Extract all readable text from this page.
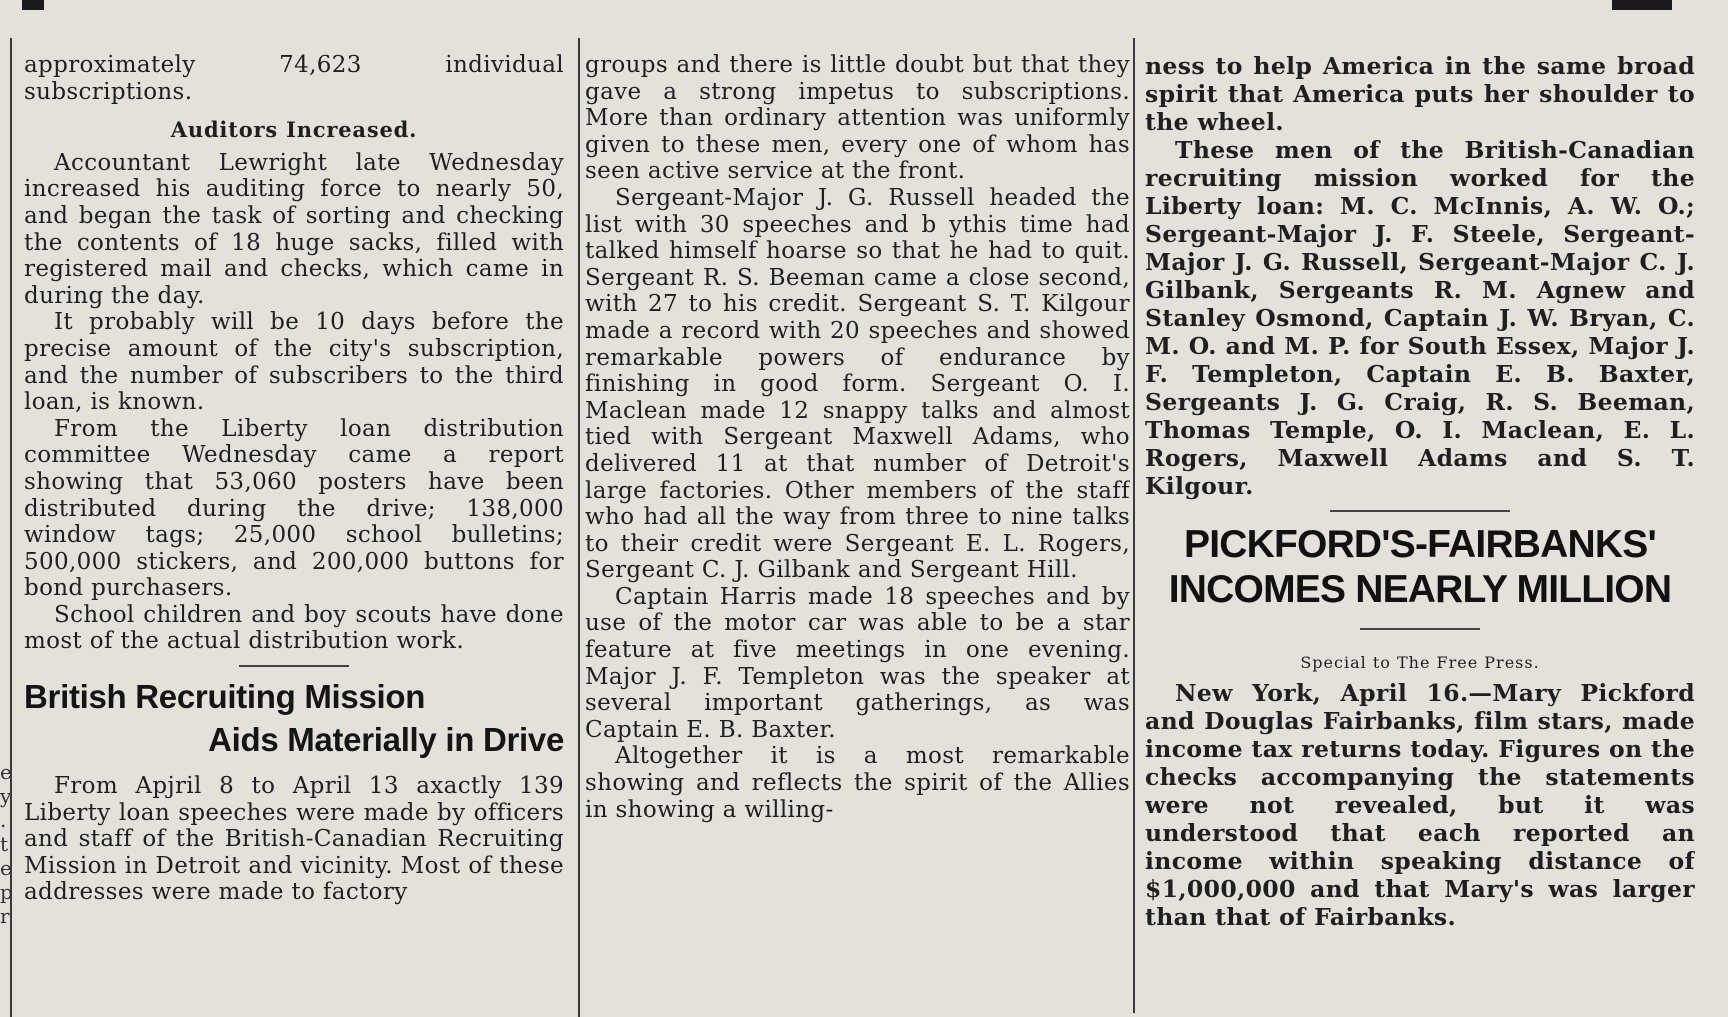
e
y
.
t
e
p
r

approximately 74,623 individual subscriptions.

Auditors Increased.

Accountant Lewright late Wednesday increased his auditing force to nearly 50, and began the task of sorting and checking the contents of 18 huge sacks, filled with registered mail and checks, which came in during the day.

It probably will be 10 days before the precise amount of the city's subscription, and the number of subscribers to the third loan, is known.

From the Liberty loan distribution committee Wednesday came a report showing that 53,060 posters have been distributed during the drive; 138,000 window tags; 25,000 school bulletins; 500,000 stickers, and 200,000 buttons for bond purchasers.

School children and boy scouts have done most of the actual distribution work.

British Recruiting Mission
Aids Materially in Drive

From Apjril 8 to April 13 axactly 139 Liberty loan speeches were made by officers and staff of the British-Canadian Recruiting Mission in Detroit and vicinity. Most of these addresses were made to factory

groups and there is little doubt but that they gave a strong impetus to subscriptions. More than ordinary attention was uniformly given to these men, every one of whom has seen active service at the front.

Sergeant-Major J. G. Russell headed the list with 30 speeches and b ythis time had talked himself hoarse so that he had to quit. Sergeant R. S. Beeman came a close second, with 27 to his credit. Sergeant S. T. Kilgour made a record with 20 speeches and showed remarkable powers of endurance by finishing in good form. Sergeant O. I. Maclean made 12 snappy talks and almost tied with Sergeant Maxwell Adams, who delivered 11 at that number of Detroit's large factories. Other members of the staff who had all the way from three to nine talks to their credit were Sergeant E. L. Rogers, Sergeant C. J. Gilbank and Sergeant Hill.

Captain Harris made 18 speeches and by use of the motor car was able to be a star feature at five meetings in one evening. Major J. F. Templeton was the speaker at several important gatherings, as was Captain E. B. Baxter.

Altogether it is a most remarkable showing and reflects the spirit of the Allies in showing a willing-

ness to help America in the same broad spirit that America puts her shoulder to the wheel.

These men of the British-Canadian recruiting mission worked for the Liberty loan: M. C. McInnis, A. W. O.; Sergeant-Major J. F. Steele, Sergeant-Major J. G. Russell, Sergeant-Major C. J. Gilbank, Sergeants R. M. Agnew and Stanley Osmond, Captain J. W. Bryan, C. M. O. and M. P. for South Essex, Major J. F. Templeton, Captain E. B. Baxter, Sergeants J. G. Craig, R. S. Beeman, Thomas Temple, O. I. Maclean, E. L. Rogers, Maxwell Adams and S. T. Kilgour.

PICKFORD'S-FAIRBANKS' INCOMES NEARLY MILLION
Special to The Free Press.

New York, April 16.—Mary Pickford and Douglas Fairbanks, film stars, made income tax returns today. Figures on the checks accompanying the statements were not revealed, but it was understood that each reported an income within speaking distance of $1,000,000 and that Mary's was larger than that of Fairbanks.
